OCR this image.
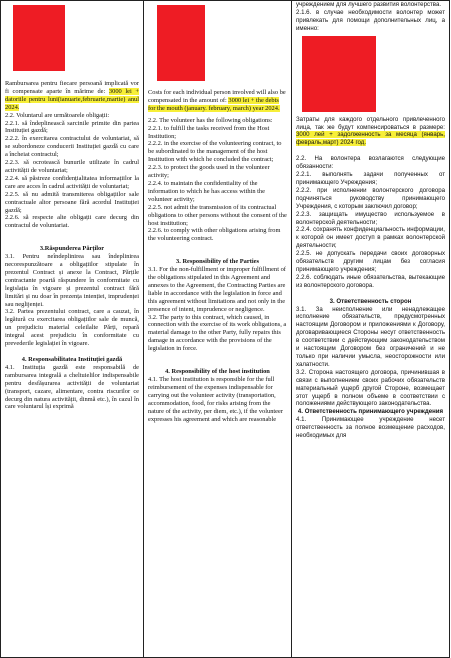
Rambursarea pentru fiecare persoană implicată vor fi compensate aparte în mărime de: 3000 lei + datoriile pentru luni(ianuarie,februarie,martie) anul 2024.

2.2. Voluntarul are următoarele obligații:

2.2.1. să îndeplinească sarcinile primite din partea Instituției gazdă;

2.2.2. în exercitarea contractului de voluntariat, să se subordoneze conducerii Instituției gazdă cu care a încheiat contractul;

2.2.3. să ocrotească bunurile utilizate în cadrul activității de voluntariat;

2.2.4. să păstreze confidențialitatea informațiilor la care are acces în cadrul activității de voluntariat;

2.2.5. să nu admită transmiterea obligațiilor sale contractuale altor persoane fără acordul Instituției gazdă;

2.2.6. să respecte alte obligații care decurg din contractul de voluntariat.

3.Răspunderea Părților

3.1. Pentru neîndeplinirea sau îndeplinirea necorespunzătoare a obligațiilor stipulate în prezentul Contract și anexe la Contract, Părțile contractante poartă răspundere în conformitate cu legislația în vigoare și prezentul contract fără limitări și nu doar în prezența intenției, imprudenței sau neglijenței.

3.2. Partea prezentului contract, care a cauzat, în legătură cu exercitarea obligațiilor sale de muncă, un prejudiciu material celeilalte Părți, repară integral acest prejudiciu în conformitate cu prevederile legislației în vigoare.

4. Responsabilitatea Instituției gazdă

4.1. Instituția gazdă este responsabilă de rambursarea integrală a cheltuielilor indispensabile pentru desfășurarea activității de voluntariat (transport, cazare, alimentare, contra riscurilor ce decurg din natura activității, dinmă etc.), în cazul în care voluntarul își exprimă

Costs for each individual person involved will also be compensated in the amount of: 3000 lei + the debts for the mouth (january. february, march) year 2024.

2.2. The volunteer has the following obligations:

2.2.1. to fulfill the tasks received from the Host Institution;

2.2.2. in the exercise of the volunteering contract, to be subordinated to the management of the host Institution with which he concluded the contract;

2.2.3. to protect the goods used in the volunteer activity;

2.2.4. to maintain the confidentiality of the information to which he has access within the volunteer activity;

2.2.5. not admit the transmission of its contractual obligations to other persons without the consent of the host institution;

2.2.6. to comply with other obligations arising from the volunteering contract.

3. Responsibility of the Parties

3.1. For the non-fulfillment or improper fulfillment of the obligations stipulated in this Agreement and annexes to the Agreement, the Contracting Parties are liable in accordance with the legislation in force and this agreement without limitations and not only in the presence of intent, imprudence or negligence.

3.2. The party to this contract, which caused, in connection with the exercise of its work obligations, a material damage to the other Party, fully repairs this damage in accordance with the provisions of the legislation in force.

4. Responsibility of the host institution

4.1. The host institution is responsible for the full reimbursement of the expenses indispensable for carrying out the volunteer activity (transportation, accommodation, food, for risks arising from the nature of the activity, per diem, etc.), if the volunteer expresses his agreement and which are reasonable

учреждением для лучшего развития волонтерства.

2.1.6. в случае необходимости волонтер может привлекать для помощи дополнительных лиц, а именно:

Затраты для каждого отдельного привлеченного лица, так же будут компенсироваться в размере: 3000 лей + задолженность за месяца (январь, февраль,март) 2024 год.

2.2. На волонтера возлагаются следующие обязанности:

2.2.1. выполнять задачи полученных от принимающего Учреждения;

2.2.2. при исполнении волонтерского договора подчиняться руководству принимающего Учреждения, с которым заключил договор;

2.2.3. защищать имущество используемое в волонтерской деятельности;

2.2.4. сохранять конфиденциальность информации, к которой он имеет доступ в рамках волонтерской деятельности;

2.2.5. не допускать передачи своих договорных обязательств другим лицам без согласия принимающего учреждения;

2.2.6. соблюдать иные обязательства, вытекающие из волонтерского договора.

3. Ответственность сторон

3.1. За неисполнение или ненадлежащее исполнение обязательств, предусмотренных настоящим Договором и приложениями к Договору, договаривающиеся Стороны несут ответственность в соответствии с действующим законодательством и настоящим Договором без ограничений и не только при наличии умысла, неосторожности или халатности.

3.2. Сторона настоящего договора, причинившая в связи с выполнением своих рабочих обязательств материальный ущерб другой Стороне, возмещает этот ущерб в полном объеме в соответствии с положениями действующего законодательства.

4. Ответственность принимающего учреждения

4.1. Принимающее учреждение несет ответственность за полное возмещение расходов, необходимых для
